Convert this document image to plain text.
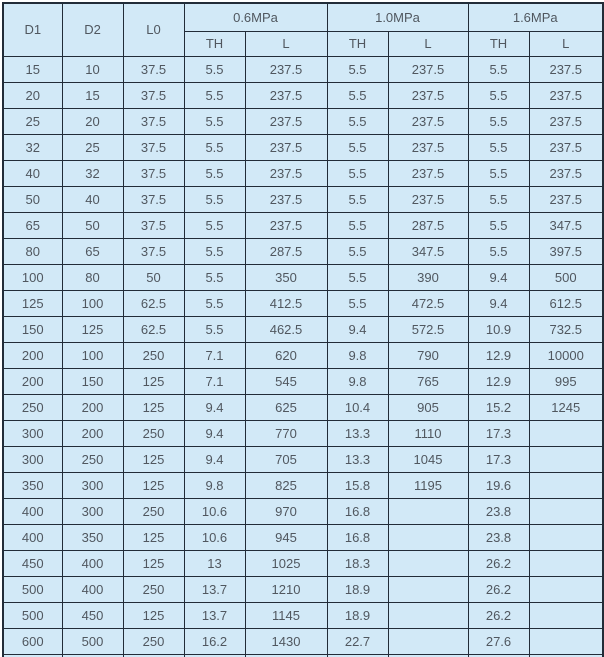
D1	D2	L0	0.6MPa		1.0MPa		1.6MPa	
			TH	L	TH	L	TH	L
15	10	37.5	5.5	237.5	5.5	237.5	5.5	237.5
20	15	37.5	5.5	237.5	5.5	237.5	5.5	237.5
25	20	37.5	5.5	237.5	5.5	237.5	5.5	237.5
32	25	37.5	5.5	237.5	5.5	237.5	5.5	237.5
40	32	37.5	5.5	237.5	5.5	237.5	5.5	237.5
50	40	37.5	5.5	237.5	5.5	237.5	5.5	237.5
65	50	37.5	5.5	237.5	5.5	287.5	5.5	347.5
80	65	37.5	5.5	287.5	5.5	347.5	5.5	397.5
100	80	50	5.5	350	5.5	390	9.4	500
125	100	62.5	5.5	412.5	5.5	472.5	9.4	612.5
150	125	62.5	5.5	462.5	9.4	572.5	10.9	732.5
200	100	250	7.1	620	9.8	790	12.9	10000
200	150	125	7.1	545	9.8	765	12.9	995
250	200	125	9.4	625	10.4	905	15.2	1245
300	200	250	9.4	770	13.3	1110	17.3	
300	250	125	9.4	705	13.3	1045	17.3	
350	300	125	9.8	825	15.8	1195	19.6	
400	300	250	10.6	970	16.8		23.8	
400	350	125	10.6	945	16.8		23.8	
450	400	125	13	1025	18.3		26.2	
500	400	250	13.7	1210	18.9		26.2	
500	450	125	13.7	1145	18.9		26.2	
600	500	250	16.2	1430	22.7		27.6	
